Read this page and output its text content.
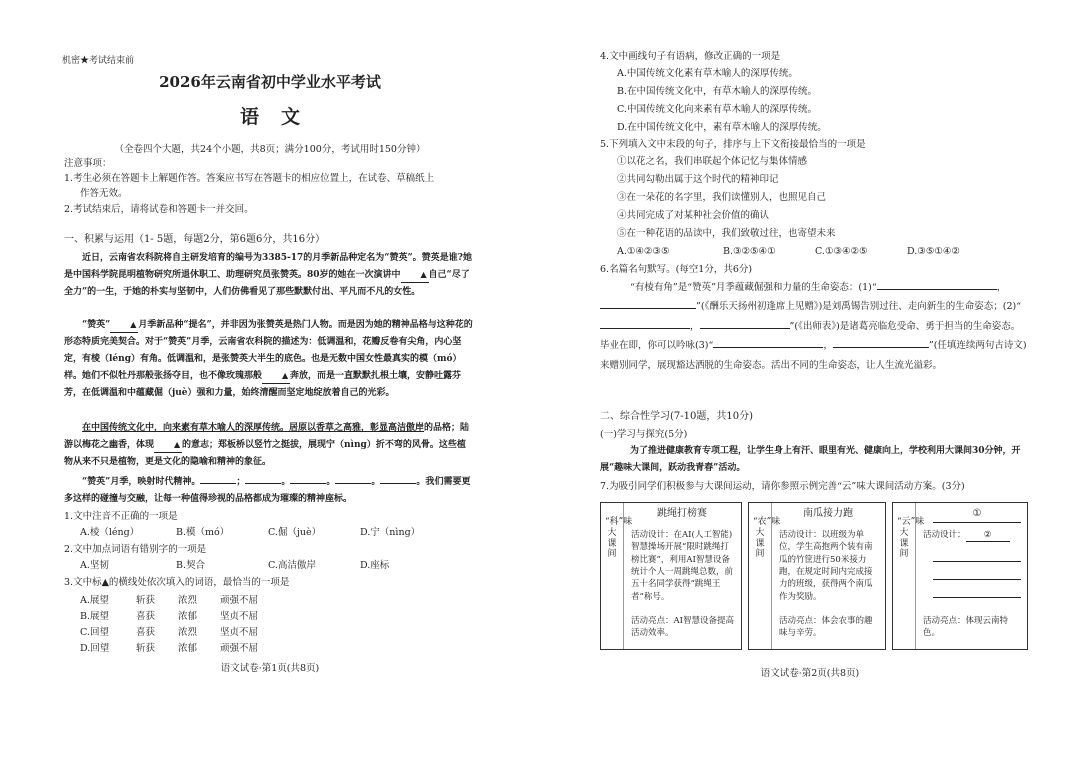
机密★考试结束前
2026年云南省初中学业水平考试
语文
（全卷四个大题，共24个小题，共8页；满分100分，考试用时150分钟）
注意事项：
1.考生必须在答题卡上解题作答。答案应书写在答题卡的相应位置上，在试卷、草稿纸上
作答无效。
2.考试结束后，请将试卷和答题卡一并交回。
一、积累与运用（1- 5题，每题2分，第6题6分，共16分）
近日，云南省农科院将自主研发培育的编号为3385-17的月季新品种定名为“赞英”。赞英是谁?她是中国科学院昆明植物研究所退休职工、助理研究员张赞英。80岁的她在一次演讲中 ▲ 自己“尽了全力”的一生，于她的朴实与坚韧中，人们仿佛看见了那些默默付出、平凡而不凡的女性。
“赞英” ▲ 月季新品种“提名”，并非因为张赞英是热门人物。而是因为她的精神品格与这种花的形态特质完美契合。对于“赞英”月季，云南省农科院的描述为：低调温和，花瓣反卷有尖角，内心坚定，有棱（léng）有角。低调温和，是张赞英大半生的底色。也是无数中国女性最真实的模（mó）样。她们不似牡丹那般张扬夺目，也不像玫瑰那般 ▲ 奔放，而是一直默默扎根土壤，安静吐露芬芳，在低调温和中蕴藏倔（juè）强和力量，始终清醒而坚定地绽放着自己的光彩。
在中国传统文化中，向来素有草木喻人的深厚传统。居原以香草之高雅，彰显高洁傲岸的品格；陆游以梅花之幽香，体现 ▲ 的意志；郑板桥以竖竹之挺拔，展现宁（nìng）折不弯的风骨。这些植物从来不只是植物，更是文化的隐喻和精神的象征。
“赞英”月季，映射时代精神。	；	。	。	。	。我们需要更多这样的碰撞与交融，让每一种值得珍视的品格都成为璀璨的精神座标。
1.文中注音不正确的一项是
A.棱（léng）	B.模（mó）	C.倔（juè）	D.宁（nìng）
2.文中加点词语有错别字的一项是
A.坚韧	B.契合	C.高洁傲岸	D.座标
3.文中标▲的横线处依次填入的词语，最恰当的一项是
A.展望	斩获 浓烈 顽强不屈
B.展望	喜获 浓郁 坚贞不屈
C.回望	喜获 浓烈 坚贞不屈
D.回望	斩获 浓郁 顽强不屈
语文试卷·第1页(共8页)
4.文中画线句子有语病，修改正确的一项是
A.中国传统文化素有草木喻人的深厚传统。
B.在中国传统文化中，有草木喻人的深厚传统。
C.中国传统文化向来素有草木喻人的深厚传统。
D.在中国传统文化中，素有草木喻人的深厚传统。
5.下列填入文中末段的句子，排序与上下文衔接最恰当的一项是
①以花之名，我们串联起个体记忆与集体情感
②共同勾勒出属于这个时代的精神印记
③在一朵花的名字里，我们读懂别人，也照见自己
④共同完成了对某种社会价值的确认
⑤在一种花语的品读中，我们致敬过往，也寄望未来
A.①④②③⑤	B.③②⑤④①	C.①③④②⑤	D.③⑤①④②
6.名篇名句默写。(每空1分，共6分)
“有棱有角”是“赞英”月季蕴藏倔强和力量的生命姿态：(1)“	，”(《酬乐天扬州初逢席上见赠》)是刘禹锡告别过往、走向新生的生命姿态；(2)“，	”(《出师表》)是诸葛亮临危受命、勇于担当的生命姿态。毕业在即，你可以吟咏(3)“	，	”(任填连续两句古诗文)来赠别同学，展现豁达洒脱的生命姿态。活出不同的生命姿态，让人生流光溢彩。
二、综合性学习(7-10题，共10分)
(一)学习与探究(5分)
为了推进健康教育专项工程，让学生身上有汗、眼里有光、健康向上，学校利用大课间30分钟，开展“趣味大课间，跃动我青春”活动。
7.为吸引同学们积极参与大课间运动，请你参照示例完善“云”味大课间活动方案。(3分)
“科”味大课间
跳绳打榜赛
活动设计：在AI(人工智能)智慧操场开展“限时跳绳打榜比赛”，利用AI智慧设备统计个人一周跳绳总数，前五十名同学获得“跳绳王者”称号。
活动亮点：AI智慧设备提高活动效率。
“农”味大课间
南瓜接力跑
活动设计：以班级为单位，学生高抱两个装有南瓜的竹筐进行50米接力跑，在规定时间内完成接力的班级，获得两个南瓜作为奖励。
活动亮点：体会农事的趣味与辛劳。
“云”味大课间
①
活动设计： ②
活动亮点：体现云南特色。
语文试卷·第2页(共8页)
